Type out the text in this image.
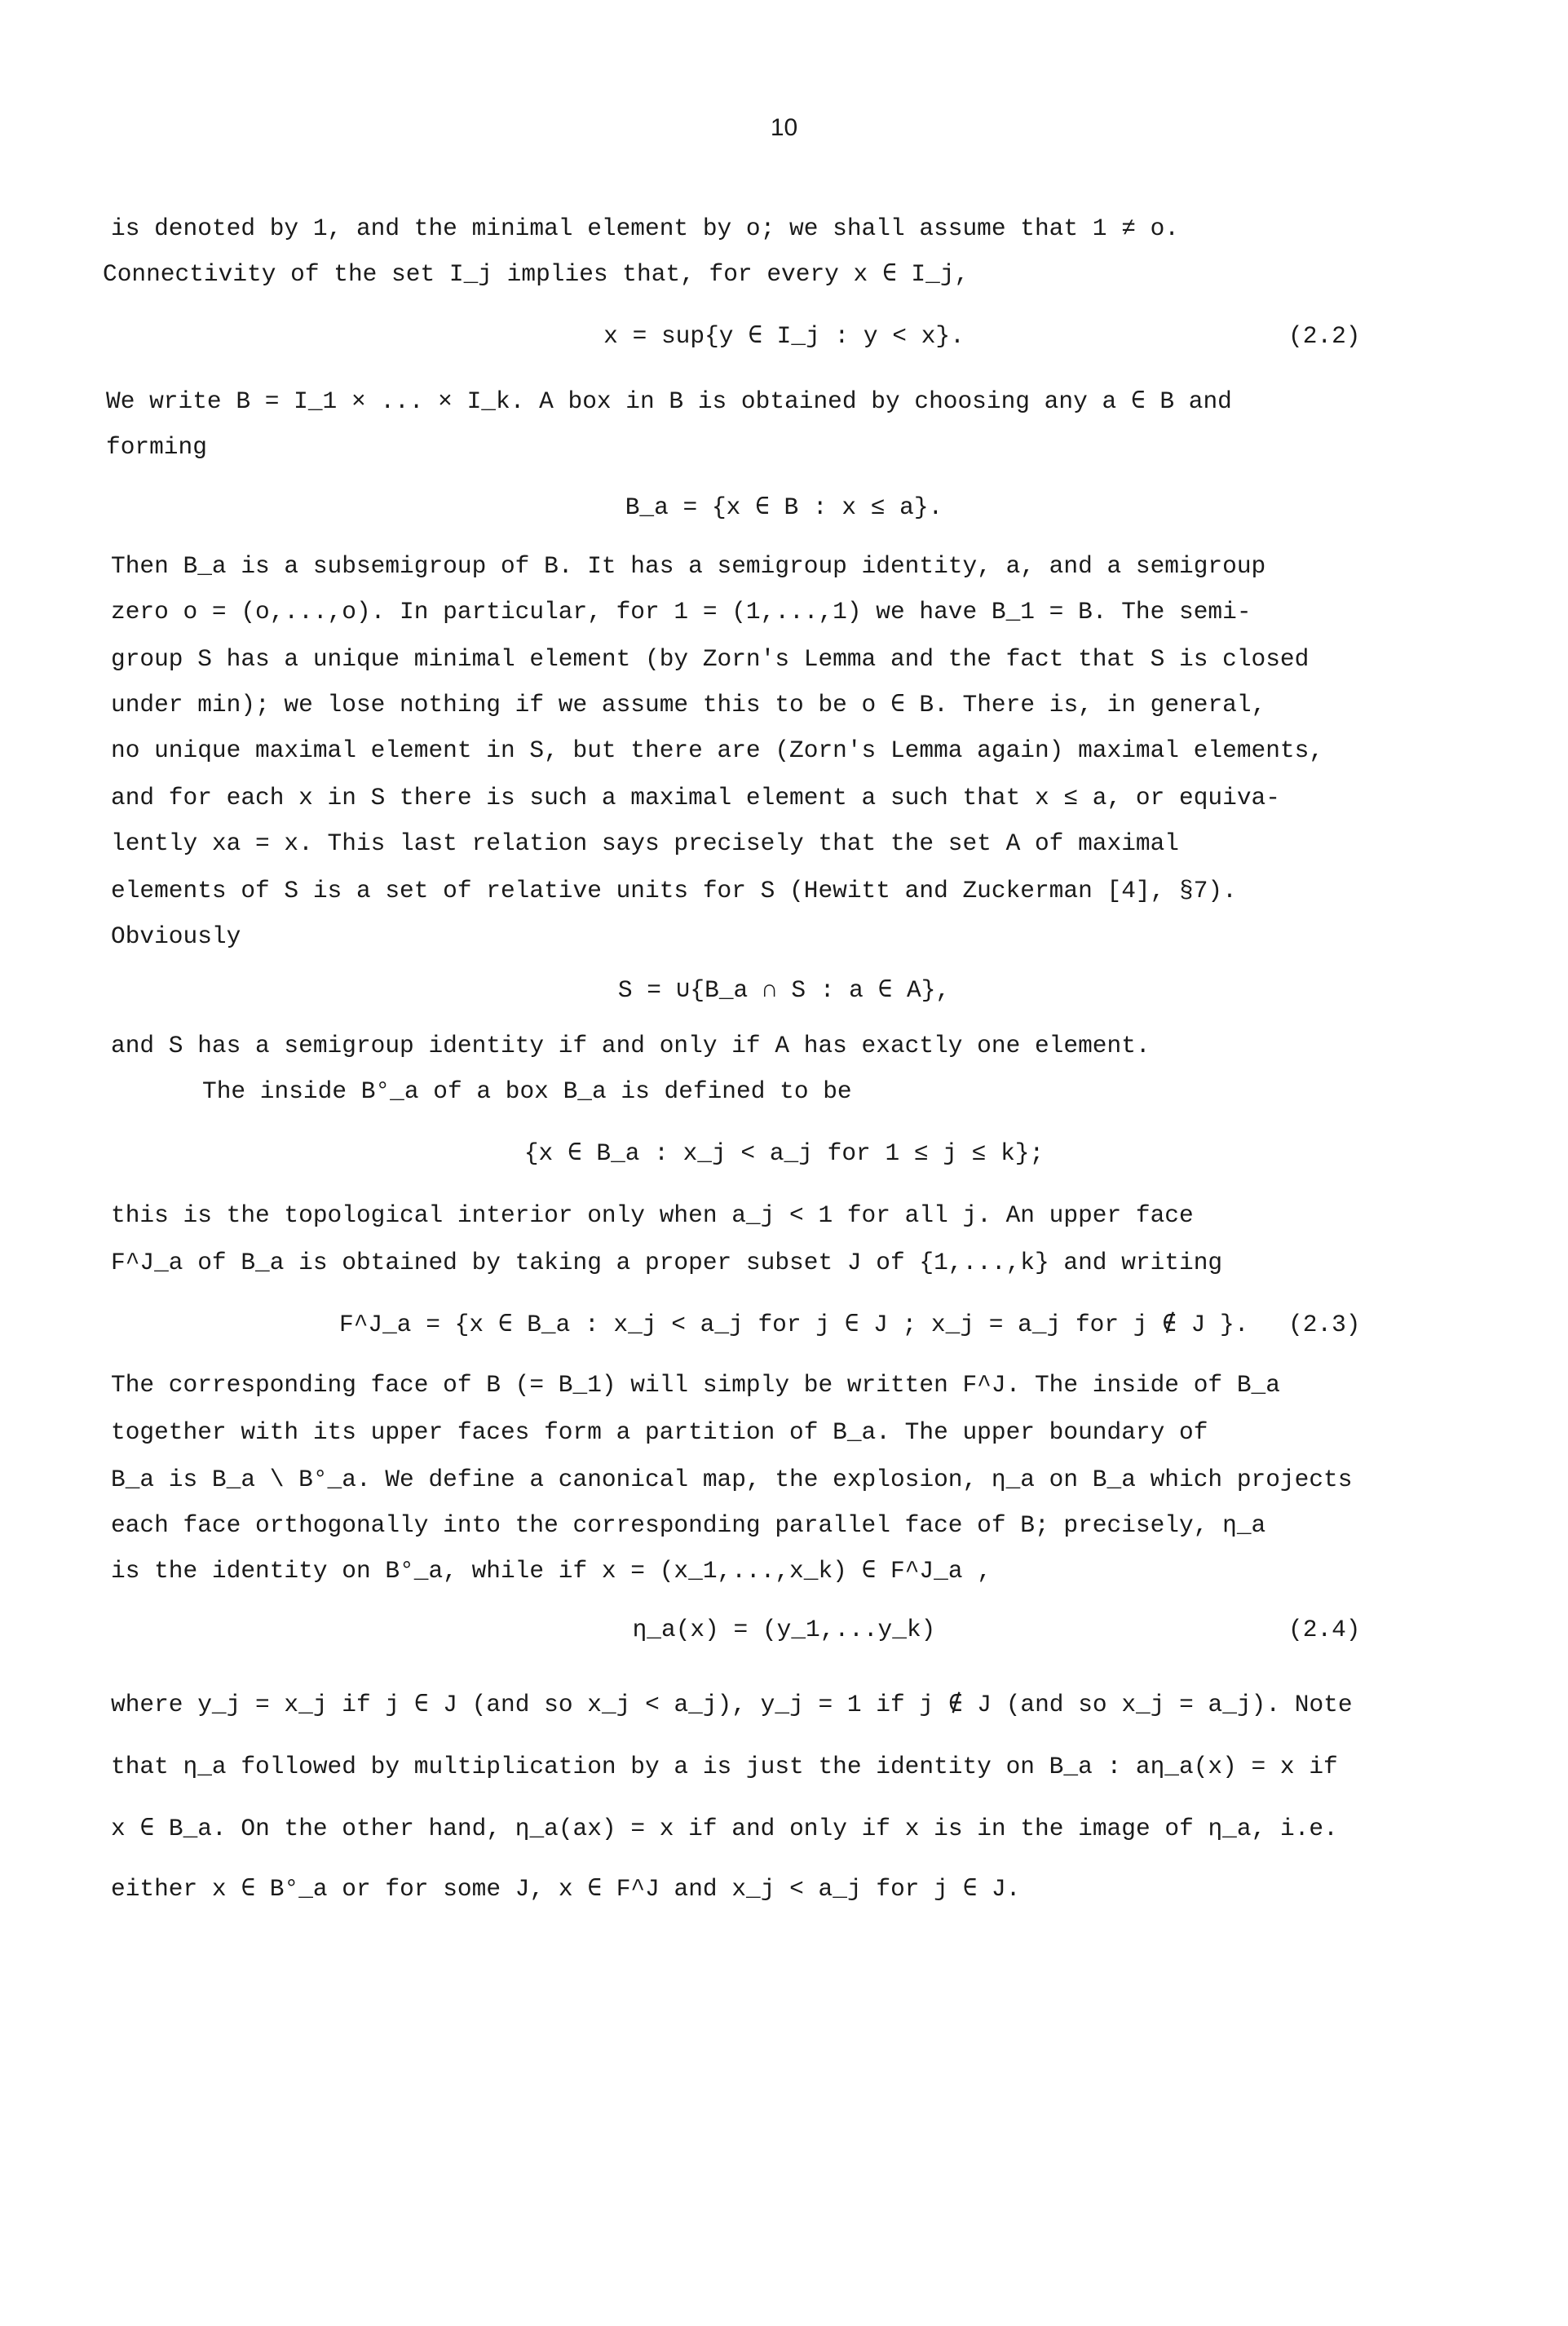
10
is denoted by 1, and the minimal element by o; we shall assume that 1 ≠ o.
Connectivity of the set I_j implies that, for every x ∈ I_j,
x = sup{y ∈ I_j : y < x}.	(2.2)
We write B = I_1 × ... × I_k. A box in B is obtained by choosing any a ∈ B and
forming
B_a = {x ∈ B : x ≤ a}.
Then B_a is a subsemigroup of B. It has a semigroup identity, a, and a semigroup
zero o = (o,...,o). In particular, for 1 = (1,...,1) we have B_1 = B. The semi-
group S has a unique minimal element (by Zorn's Lemma and the fact that S is closed
under min); we lose nothing if we assume this to be o ∈ B. There is, in general,
no unique maximal element in S, but there are (Zorn's Lemma again) maximal elements,
and for each x in S there is such a maximal element a such that x ≤ a, or equiva-
lently xa = x. This last relation says precisely that the set A of maximal
elements of S is a set of relative units for S (Hewitt and Zuckerman [4], §7).
Obviously
S = ∪{B_a ∩ S : a ∈ A},
and S has a semigroup identity if and only if A has exactly one element.
The inside B°_a of a box B_a is defined to be
{x ∈ B_a : x_j < a_j for 1 ≤ j ≤ k};
this is the topological interior only when a_j < 1 for all j. An upper face
F^J_a of B_a is obtained by taking a proper subset J of {1,...,k} and writing
F^J_a = {x ∈ B_a : x_j < a_j for j ∈ J ; x_j = a_j for j ∉ J }. (2.3)
The corresponding face of B (= B_1) will simply be written F^J. The inside of B_a
together with its upper faces form a partition of B_a. The upper boundary of
B_a is B_a \ B°_a. We define a canonical map, the explosion, η_a on B_a which projects
each face orthogonally into the corresponding parallel face of B; precisely, η_a
is the identity on B°_a, while if x = (x_1,...,x_k) ∈ F^J_a ,
η_a(x) = (y_1,...y_k)	(2.4)
where y_j = x_j if j ∈ J (and so x_j < a_j), y_j = 1 if j ∉ J (and so x_j = a_j). Note
that η_a followed by multiplication by a is just the identity on B_a : aη_a(x) = x if
x ∈ B_a. On the other hand, η_a(ax) = x if and only if x is in the image of η_a, i.e.
either x ∈ B°_a or for some J, x ∈ F^J and x_j < a_j for j ∈ J.
